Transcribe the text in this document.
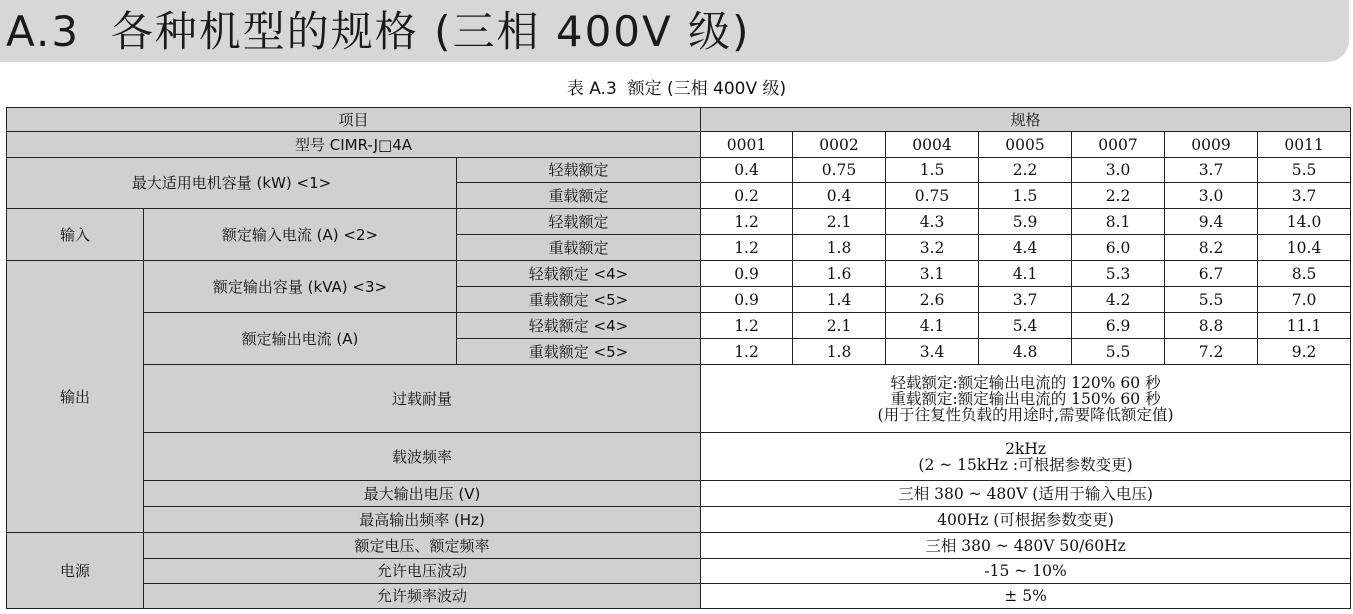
A.3  各种机型的规格 (三相 400V 级)
表 A.3  额定 (三相 400V 级)
项目			规格						
型号 CIMR-J□4A			0001	0002	0004	0005	0007	0009	0011
最大适用电机容量 (kW) <1>		轻载额定	0.4	0.75	1.5	2.2	3.0	3.7	5.5
		重载额定	0.2	0.4	0.75	1.5	2.2	3.0	3.7
输入	额定输入电流 (A) <2>	轻载额定	1.2	2.1	4.3	5.9	8.1	9.4	14.0
		重载额定	1.2	1.8	3.2	4.4	6.0	8.2	10.4
输出	额定输出容量 (kVA) <3>	轻载额定 <4>	0.9	1.6	3.1	4.1	5.3	6.7	8.5
		重载额定 <5>	0.9	1.4	2.6	3.7	4.2	5.5	7.0
	额定输出电流 (A)	轻载额定 <4>	1.2	2.1	4.1	5.4	6.9	8.8	11.1
		重载额定 <5>	1.2	1.8	3.4	4.8	5.5	7.2	9.2
	过载耐量		轻载额定:额定输出电流的 120% 60 秒
重载额定:额定输出电流的 150% 60 秒
(用于往复性负载的用途时,需要降低额定值)						

	载波频率		2kHz
(2 ~ 15kHz :可根据参数变更)						

	最大输出电压 (V)		三相 380 ~ 480V (适用于输入电压)						
	最高输出频率 (Hz)		400Hz (可根据参数变更)						
电源	额定电压、额定频率		三相 380 ~ 480V 50/60Hz						
	允许电压波动		-15 ~ 10%						
	允许频率波动		± 5%						
